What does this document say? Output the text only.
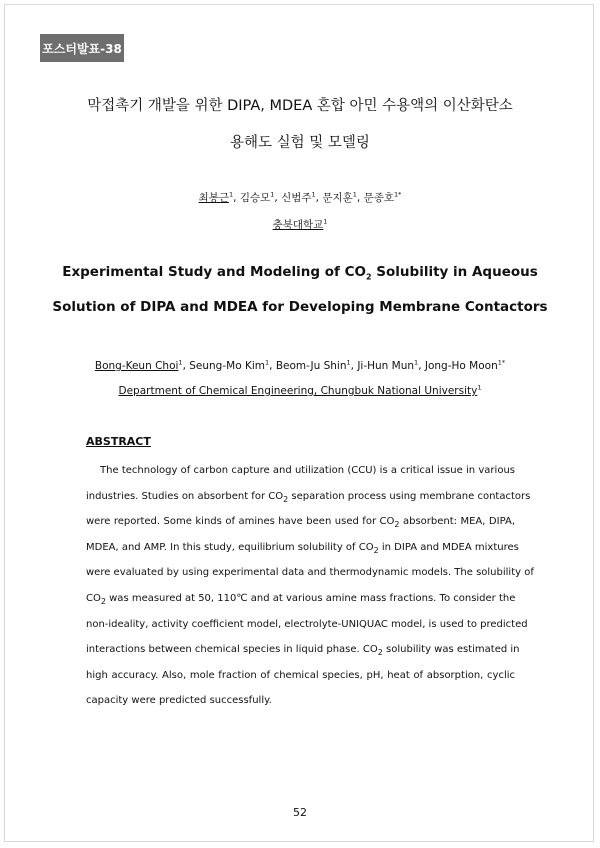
포스터발표-38
막접촉기 개발을 위한 DIPA, MDEA 혼합 아민 수용액의 이산화탄소
용해도 실험 및 모델링
최봉근$^1$, 김승모$^1$, 신범주$^1$, 문지훈$^1$, 문종호$^{1*}$
충북대학교$^1$
Experimental Study and Modeling of $CO_2$ Solubility in Aqueous
Solution of DIPA and MDEA for Developing Membrane Contactors
Bong-Keun Choi$^1$, Seung-Mo Kim$^1$, Beom-Ju Shin$^1$, Ji-Hun Mun$^1$, Jong-Ho Moon$^{1*}$
Department of Chemical Engineering, Chungbuk National University$^1$
ABSTRACT
The technology of carbon capture and utilization (CCU) is a critical issue in various
industries. Studies on absorbent for $CO_2$ separation process using membrane contactors
were reported. Some kinds of amines have been used for $CO_2$ absorbent: MEA, DIPA,
MDEA, and AMP. In this study, equilibrium solubility of $CO_2$ in DIPA and MDEA mixtures
were evaluated by using experimental data and thermodynamic models. The solubility of
$CO_2$ was measured at 50, 110℃ and at various amine mass fractions. To consider the
non-ideality, activity coefficient model, electrolyte-UNIQUAC model, is used to predicted
interactions between chemical species in liquid phase. $CO_2$ solubility was estimated in
high accuracy. Also, mole fraction of chemical species, pH, heat of absorption, cyclic
capacity were predicted successfully.
52
